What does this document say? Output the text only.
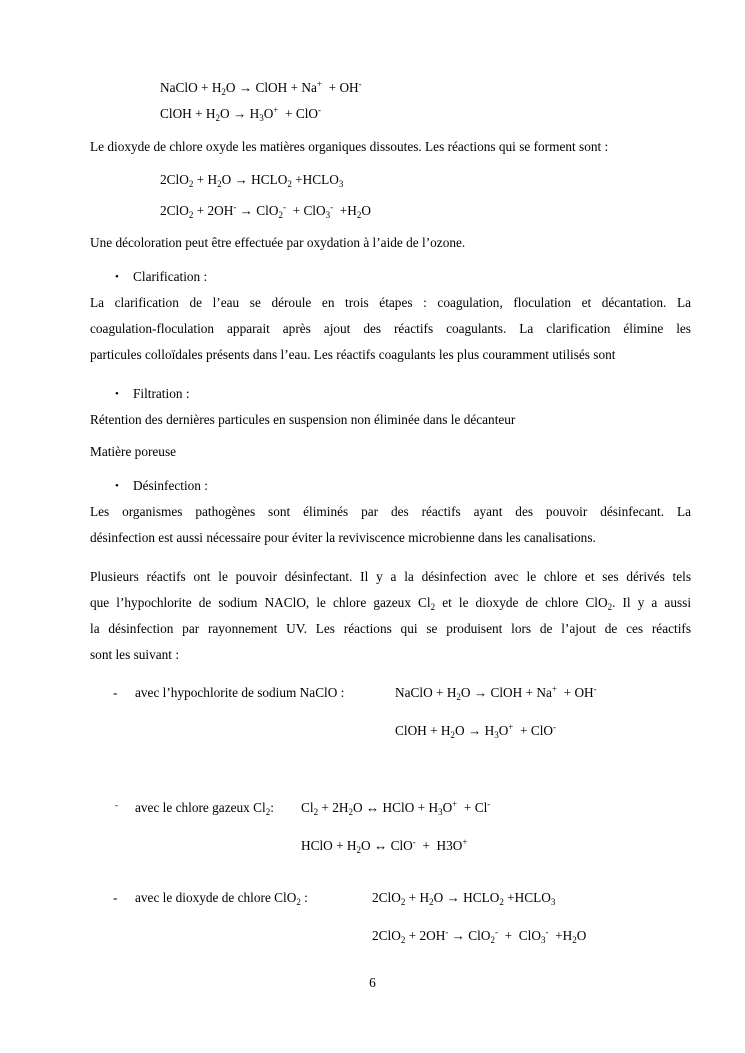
NaClO + $H_2O$ → ClOH + Na+  + OH-
ClOH + $H_2O \to H_3O^+ + ClO^-$
Le dioxyde de chlore oxyde les matières organiques dissoutes. Les réactions qui se forment sont :
$2ClO_2 + H_2O$ → $HCLO_2$ $+HCLO_3$
$2ClO_2 + 2OH^- \to ClO_2^- + ClO_3^- +H_2O$
Une décoloration peut être effectuée par oxydation à l’aide de l’ozone.
• Clarification :
La clarification de l’eau se déroule en trois étapes : coagulation, floculation et décantation. La
coagulation-floculation apparait après ajout des réactifs coagulants. La clarification élimine les
particules colloïdales présents dans l’eau. Les réactifs coagulants les plus couramment utilisés sont
• Filtration :
Rétention des dernières particules en suspension non éliminée dans le décanteur
Matière poreuse
• Désinfection :
Les organismes pathogènes sont éliminés par des réactifs ayant des pouvoir désinfecant. La
désinfection est aussi nécessaire pour éviter la reviviscence microbienne dans les canalisations.
Plusieurs réactifs ont le pouvoir désinfectant. Il y a la désinfection avec le chlore et ses dérivés tels
que l’hypochlorite de sodium NAClO, le chlore gazeux $Cl_2$ et le dioxyde de chlore ClO$_2$. Il y a aussi
la désinfection par rayonnement UV. Les réactions qui se produisent lors de l’ajout de ces réactifs
sont les suivant :
- avec l’hypochlorite de sodium NaClO :	NaClO + $H_2O$ → ClOH + Na+  + OH-
ClOH + $H_2O \to H_3O^+ + ClO^-$
- avec le chlore gazeux $Cl_2$: $Cl_2 + 2H_2O$ ↔ HClO + $H_3O^+ + Cl^-$
HClO + $H_2O$ ↔ ClO-  +  H3O+
- avec le dioxyde de chlore ClO$_2$ :	$2ClO_2 + H_2O$ → $HCLO_2$ $+HCLO_3$
$2ClO_2 + 2OH^- \to ClO_2^- + ClO_3^- +H_2O$
6
